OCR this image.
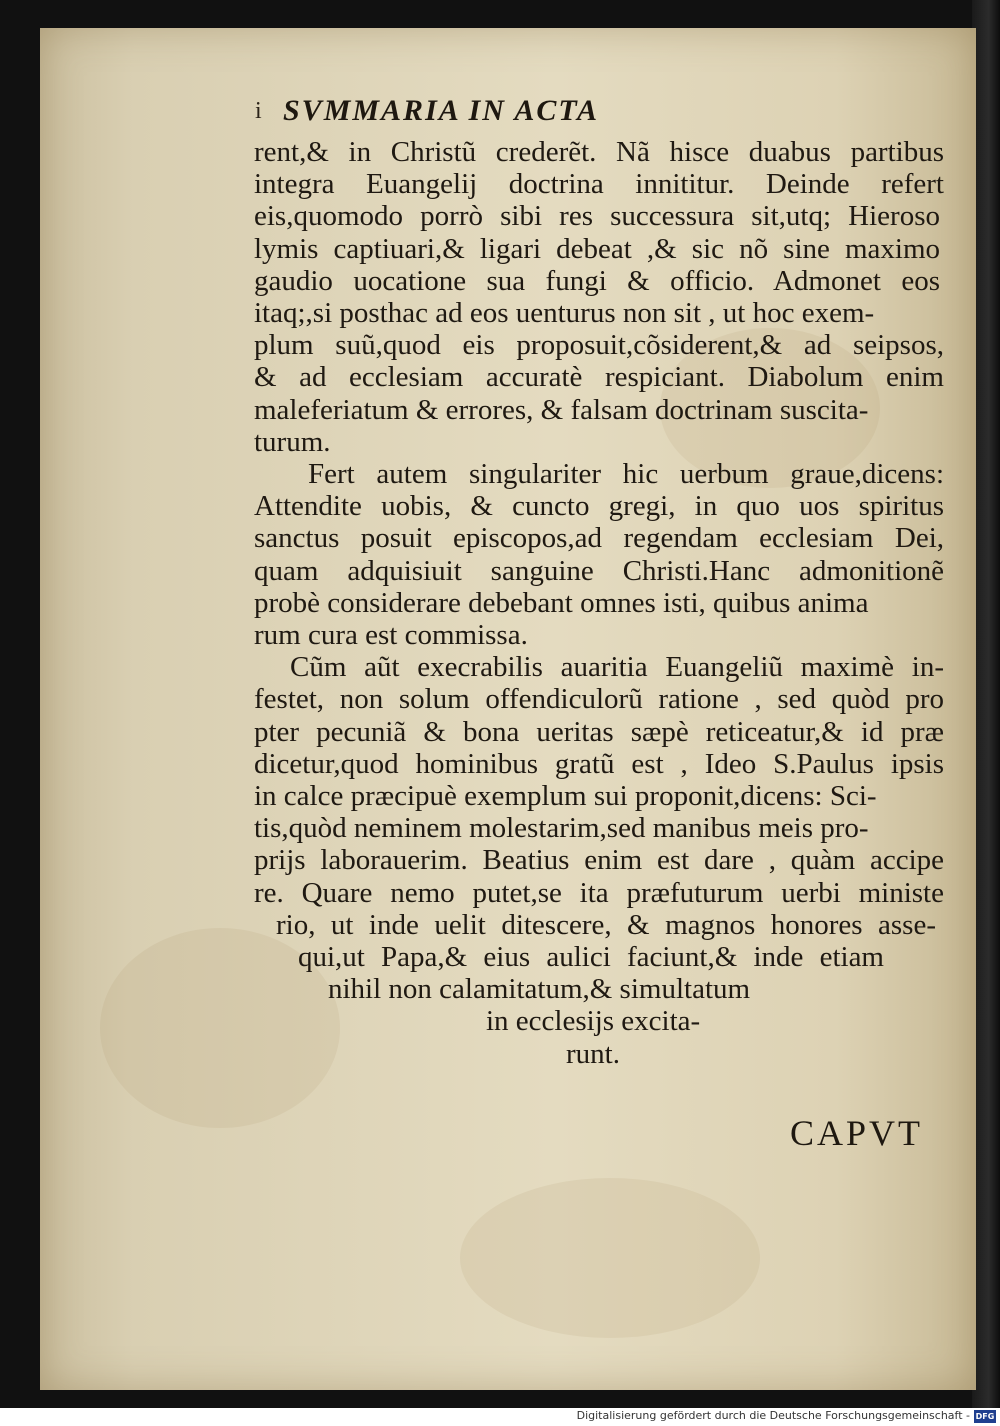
i SVMMARIA IN ACTA
rent,& in Christũ crederẽt. Nã hisce duabus partibus
integra Euangelij doctrina innititur. Deinde refert
eis,quomodo porrò sibi res successura sit,utq; Hieroso
lymis captiuari,& ligari debeat ,& sic nõ sine maximo
gaudio uocatione sua fungi & officio. Admonet eos
itaq;,si posthac ad eos uenturus non sit , ut hoc exem-
plum suũ,quod eis proposuit,cõsiderent,& ad seipsos,
& ad ecclesiam accuratè respiciant. Diabolum enim
maleferiatum & errores, & falsam doctrinam suscita-
turum.
Fert autem singulariter hic uerbum graue,dicens:
Attendite uobis, & cuncto gregi, in quo uos spiritus
sanctus posuit episcopos,ad regendam ecclesiam Dei,
quam adquisiuit sanguine Christi.Hanc admonitionẽ
probè considerare debebant omnes isti, quibus anima
rum cura est commissa.
Cũm aũt execrabilis auaritia Euangeliũ maximè in-
festet, non solum offendiculorũ ratione , sed quòd pro
pter pecuniã & bona ueritas sæpè reticeatur,& id præ
dicetur,quod hominibus gratũ est , Ideo S.Paulus ipsis
in calce præcipuè exemplum sui proponit,dicens: Sci-
tis,quòd neminem molestarim,sed manibus meis pro-
prijs laborauerim. Beatius enim est dare , quàm accipe
re. Quare nemo putet,se ita præfuturum uerbi ministe
rio, ut inde uelit ditescere, & magnos honores asse-
qui,ut Papa,& eius aulici faciunt,& inde etiam
nihil non calamitatum,& simultatum
in ecclesijs excita-
runt.
CAPVT
Digitalisierung gefördert durch die Deutsche Forschungsgemeinschaft - DFG
